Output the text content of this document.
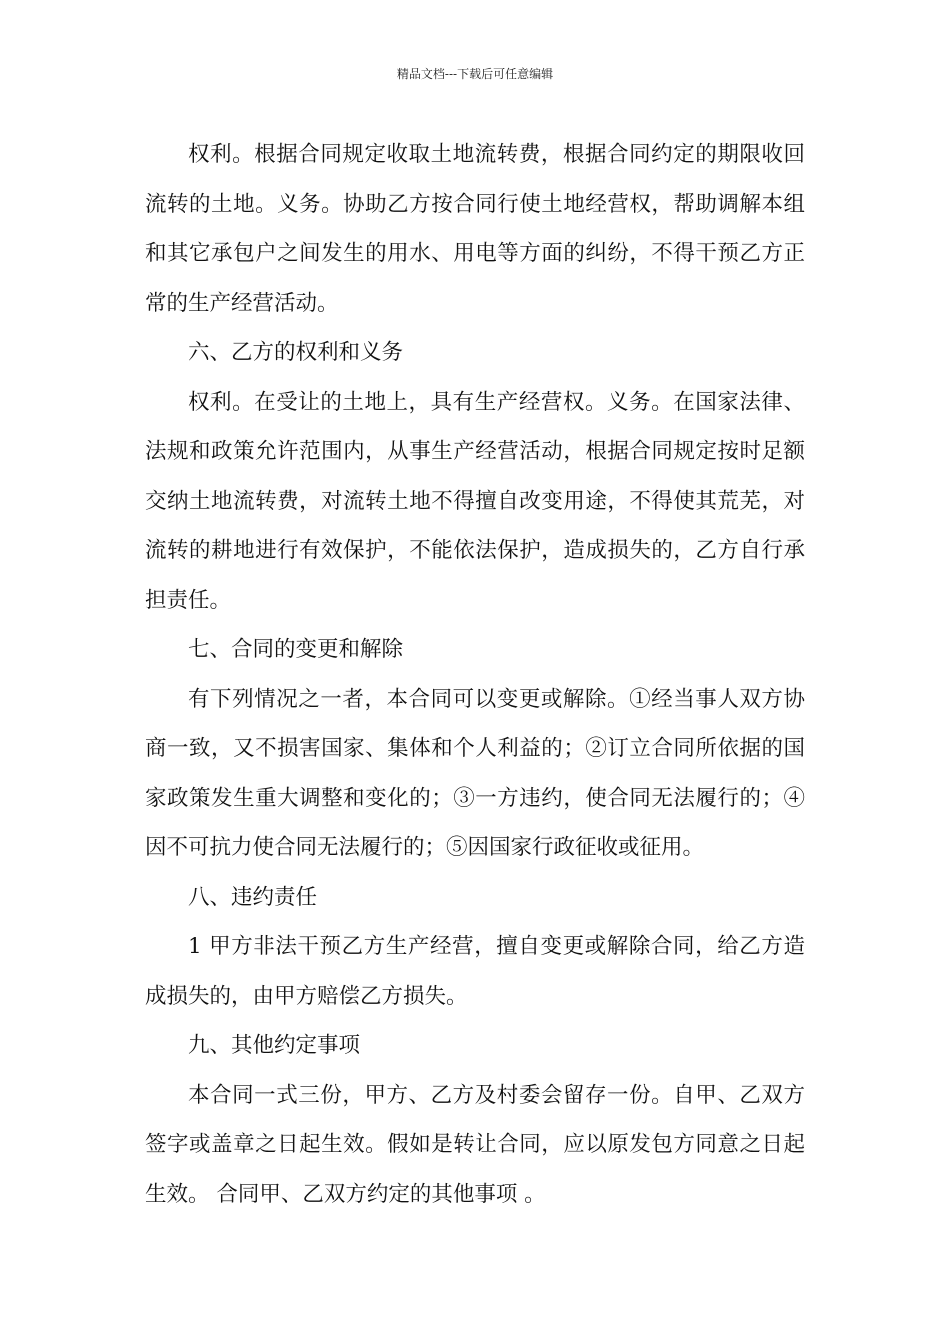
精品文档---下载后可任意编辑

权利。根据合同规定收取土地流转费，根据合同约定的期限收回流转的土地。义务。协助乙方按合同行使土地经营权，帮助调解本组和其它承包户之间发生的用水、用电等方面的纠纷，不得干预乙方正常的生产经营活动。

六、乙方的权利和义务

权利。在受让的土地上，具有生产经营权。义务。在国家法律、法规和政策允许范围内，从事生产经营活动，根据合同规定按时足额交纳土地流转费，对流转土地不得擅自改变用途，不得使其荒芜，对流转的耕地进行有效保护，不能依法保护，造成损失的，乙方自行承担责任。

七、合同的变更和解除

有下列情况之一者，本合同可以变更或解除。①经当事人双方协商一致，又不损害国家、集体和个人利益的；②订立合同所依据的国家政策发生重大调整和变化的；③一方违约，使合同无法履行的；④因不可抗力使合同无法履行的；⑤因国家行政征收或征用。

八、违约责任

1 甲方非法干预乙方生产经营，擅自变更或解除合同，给乙方造成损失的，由甲方赔偿乙方损失。

九、其他约定事项

本合同一式三份，甲方、乙方及村委会留存一份。自甲、乙双方签字或盖章之日起生效。假如是转让合同，应以原发包方同意之日起生效。 合同甲、乙双方约定的其他事项 。
